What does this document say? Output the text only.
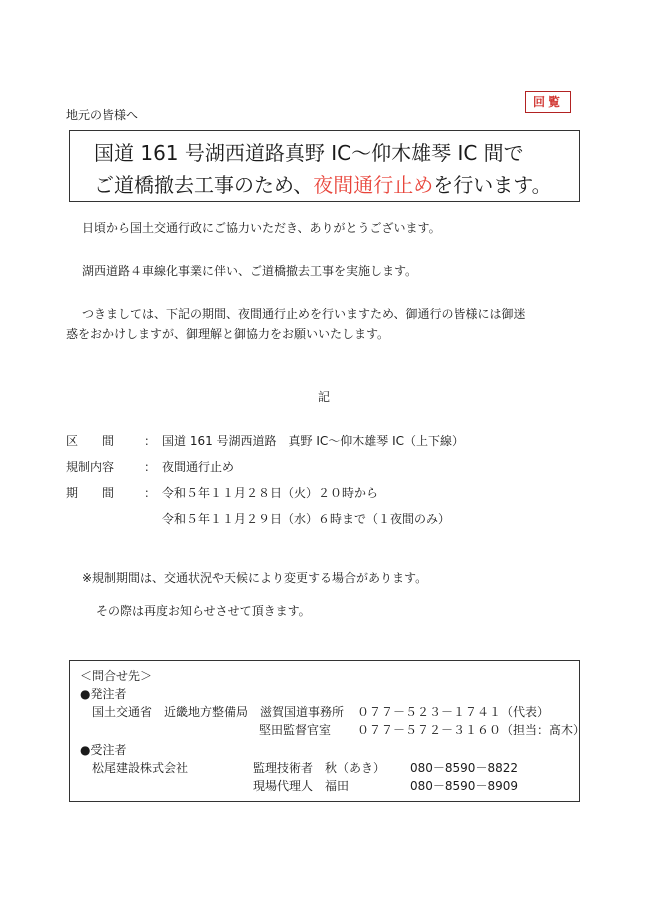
回覧
地元の皆様へ
国道 161 号湖西道路真野 IC～仰木雄琴 IC 間で
ご道橋撤去工事のため、夜間通行止めを行います。
日頃から国土交通行政にご協力いただき、ありがとうございます。
湖西道路４車線化事業に伴い、ご道橋撤去工事を実施します。
つきましては、下記の期間、夜間通行止めを行いますため、御通行の皆様には御迷
惑をおかけしますが、御理解と御協力をお願いいたします。
記
区　　間 ： 国道 161 号湖西道路　真野 IC～仰木雄琴 IC（上下線）
規制内容 ： 夜間通行止め
期　　間 ： 令和５年１１月２８日（火）２０時から
令和５年１１月２９日（水）６時まで（１夜間のみ）
※規制期間は、交通状況や天候により変更する場合があります。
その際は再度お知らせさせて頂きます。
＜問合せ先＞
●発注者
国土交通省　近畿地方整備局　滋賀国道事務所 ０７７－５２３－１７４１（代表）
堅田監督官室 ０７７－５７２－３１６０（担当：髙木）
●受注者
松尾建設株式会社	監理技術者　秋（あき） 080－8590－8822
現場代理人　福田	080－8590－8909
